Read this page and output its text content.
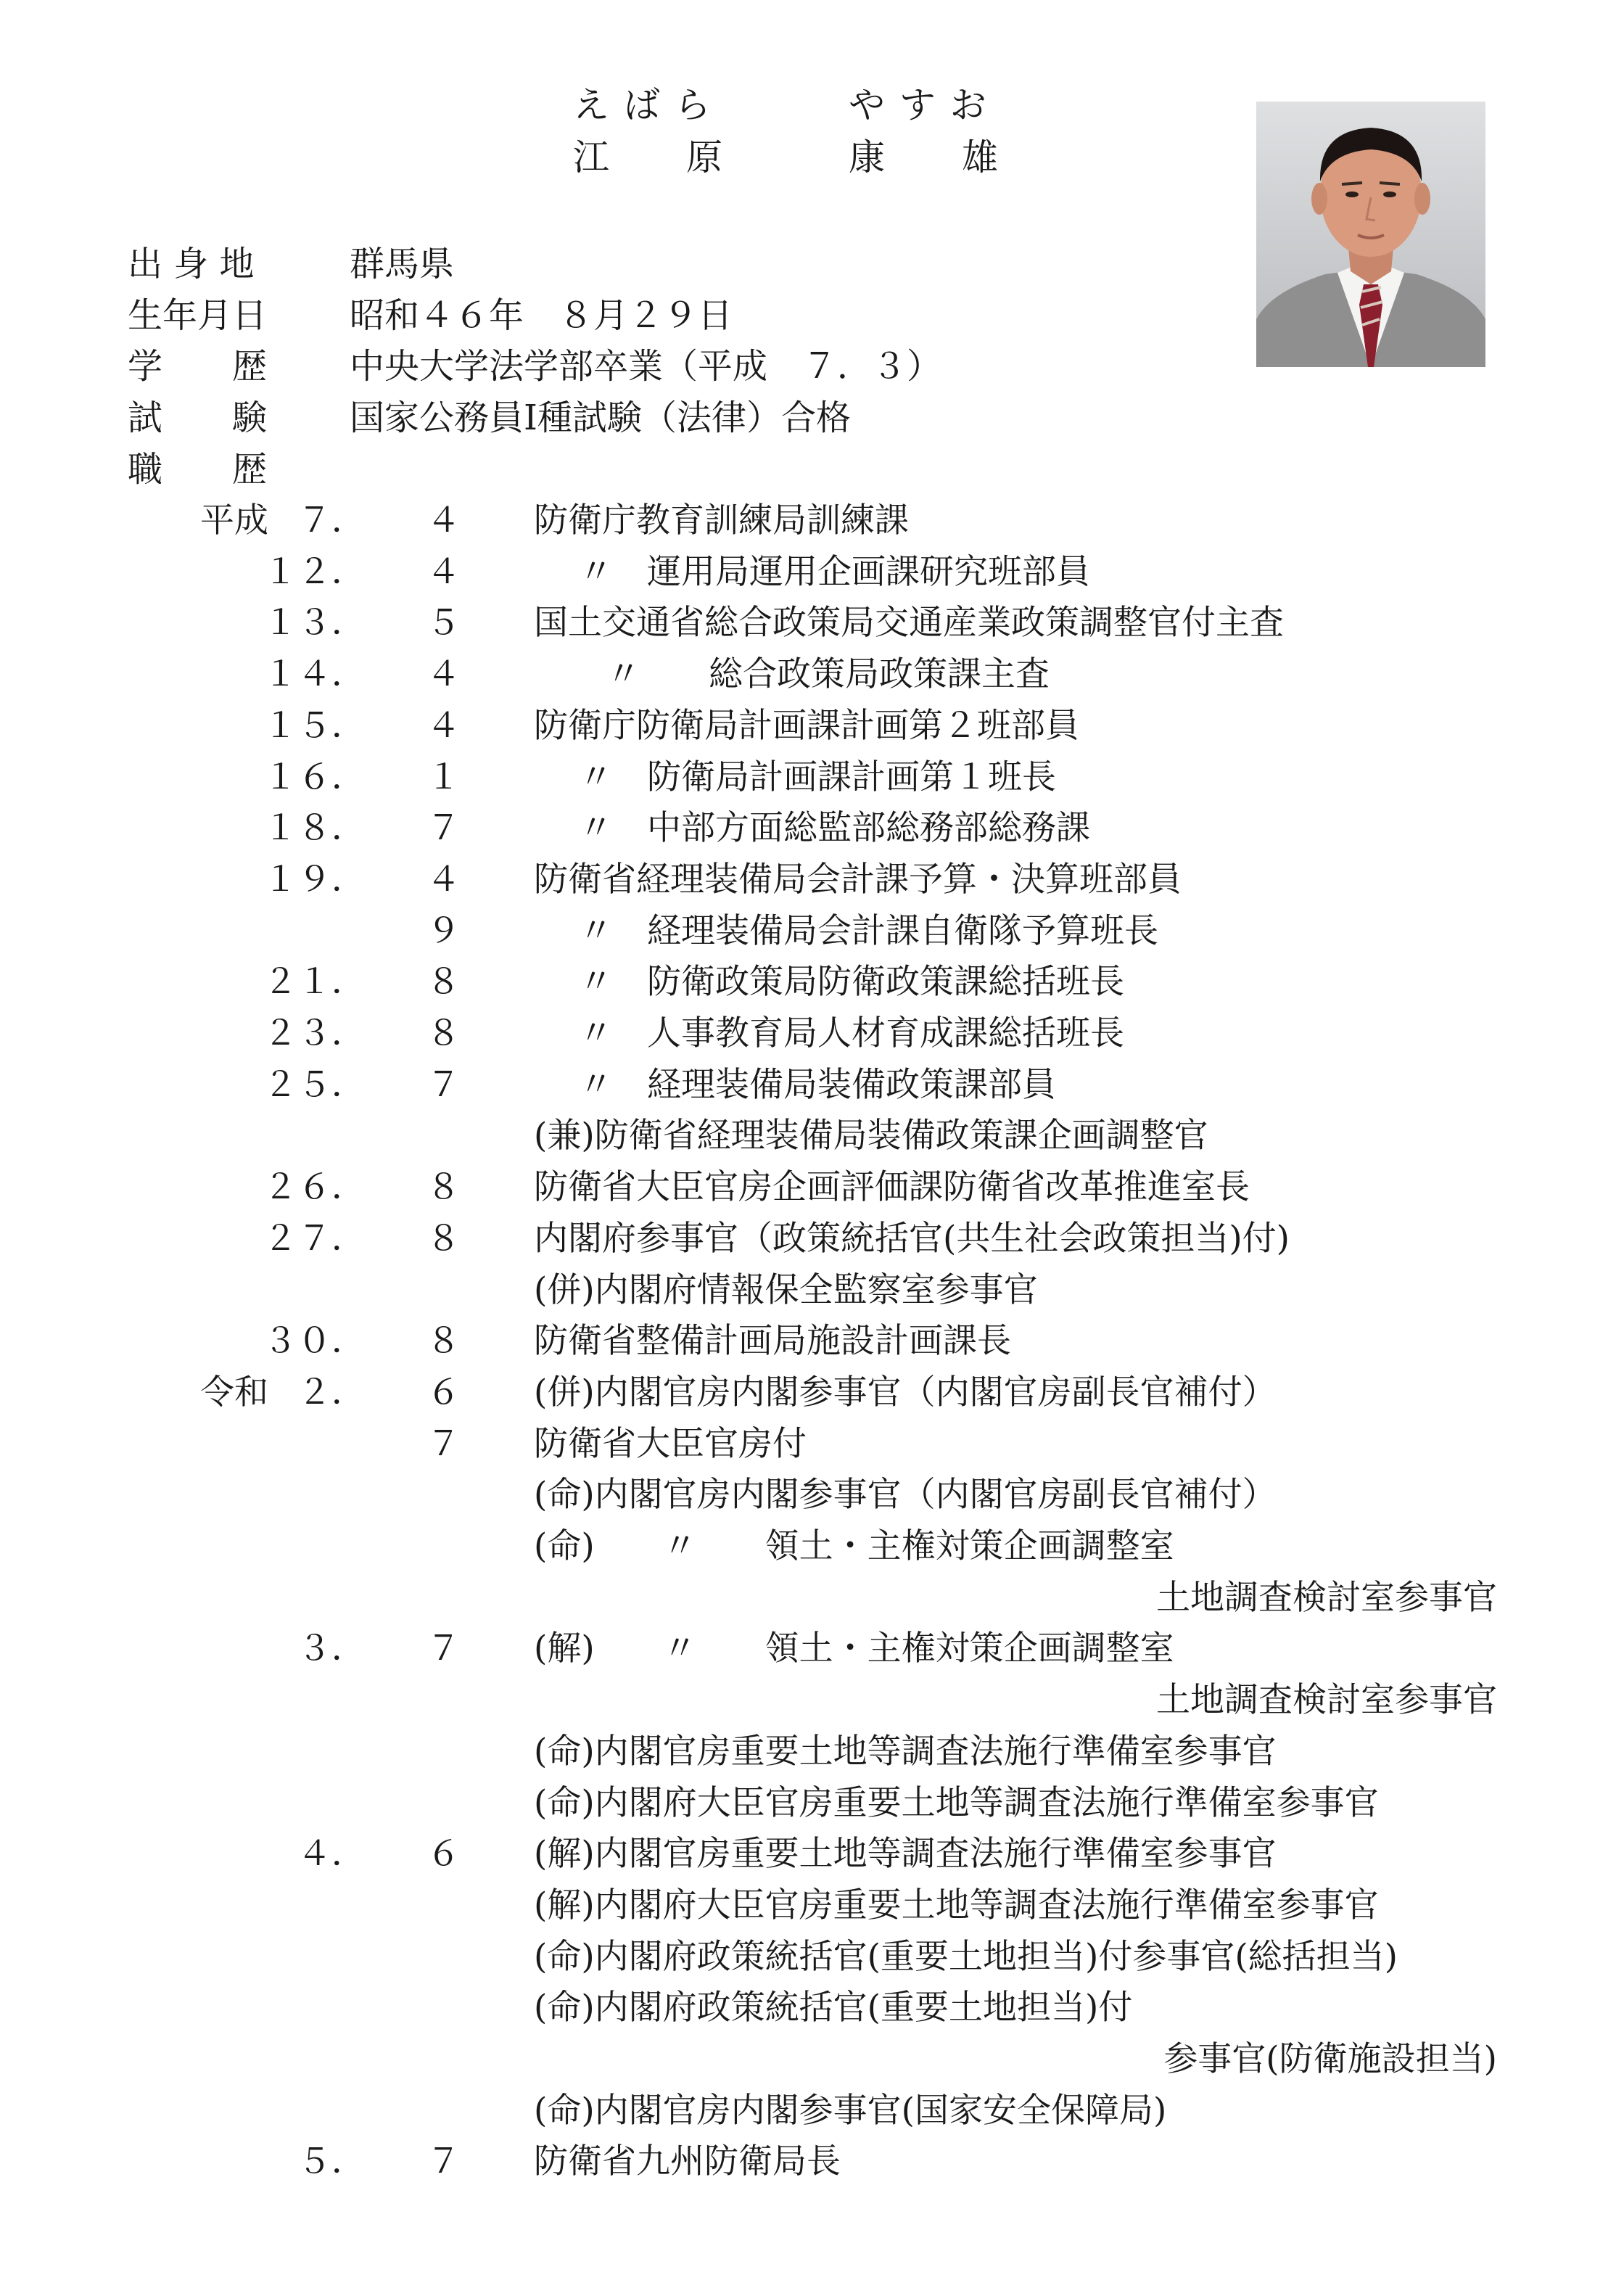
え ば ら	や す お
江　　原	康　　雄
出 身 地	群馬県
生年月日 昭和４６年　８月２９日
学　　歴 中央大学法学部卒業（平成　７．３）
試　　験 国家公務員Ⅰ種試験（法律）合格
職　　歴
平成 ７． ４ 防衛庁教育訓練局訓練課
１２． ４	〃　運用局運用企画課研究班部員
１３． ５ 国土交通省総合政策局交通産業政策調整官付主査
１４． ４	〃　　総合政策局政策課主査
１５． ４ 防衛庁防衛局計画課計画第２班部員
１６． １	〃　防衛局計画課計画第１班長
１８． ７	〃　中部方面総監部総務部総務課
１９． ４ 防衛省経理装備局会計課予算・決算班部員
９	〃　経理装備局会計課自衛隊予算班長
２１． ８	〃　防衛政策局防衛政策課総括班長
２３． ８	〃　人事教育局人材育成課総括班長
２５． ７	〃　経理装備局装備政策課部員
(兼)防衛省経理装備局装備政策課企画調整官
２６． ８ 防衛省大臣官房企画評価課防衛省改革推進室長
２７． ８ 内閣府参事官（政策統括官(共生社会政策担当)付)
(併)内閣府情報保全監察室参事官
３０． ８ 防衛省整備計画局施設計画課長
令和 ２． ６ (併)内閣官房内閣参事官（内閣官房副長官補付）
７ 防衛省大臣官房付
(命)内閣官房内閣参事官（内閣官房副長官補付）
(命)　　〃　　領土・主権対策企画調整室
土地調査検討室参事官
３． ７ (解)　　〃　　領土・主権対策企画調整室
土地調査検討室参事官
(命)内閣官房重要土地等調査法施行準備室参事官
(命)内閣府大臣官房重要土地等調査法施行準備室参事官
４． ６ (解)内閣官房重要土地等調査法施行準備室参事官
(解)内閣府大臣官房重要土地等調査法施行準備室参事官
(命)内閣府政策統括官(重要土地担当)付参事官(総括担当)
(命)内閣府政策統括官(重要土地担当)付
参事官(防衛施設担当)
(命)内閣官房内閣参事官(国家安全保障局)
５． ７ 防衛省九州防衛局長
